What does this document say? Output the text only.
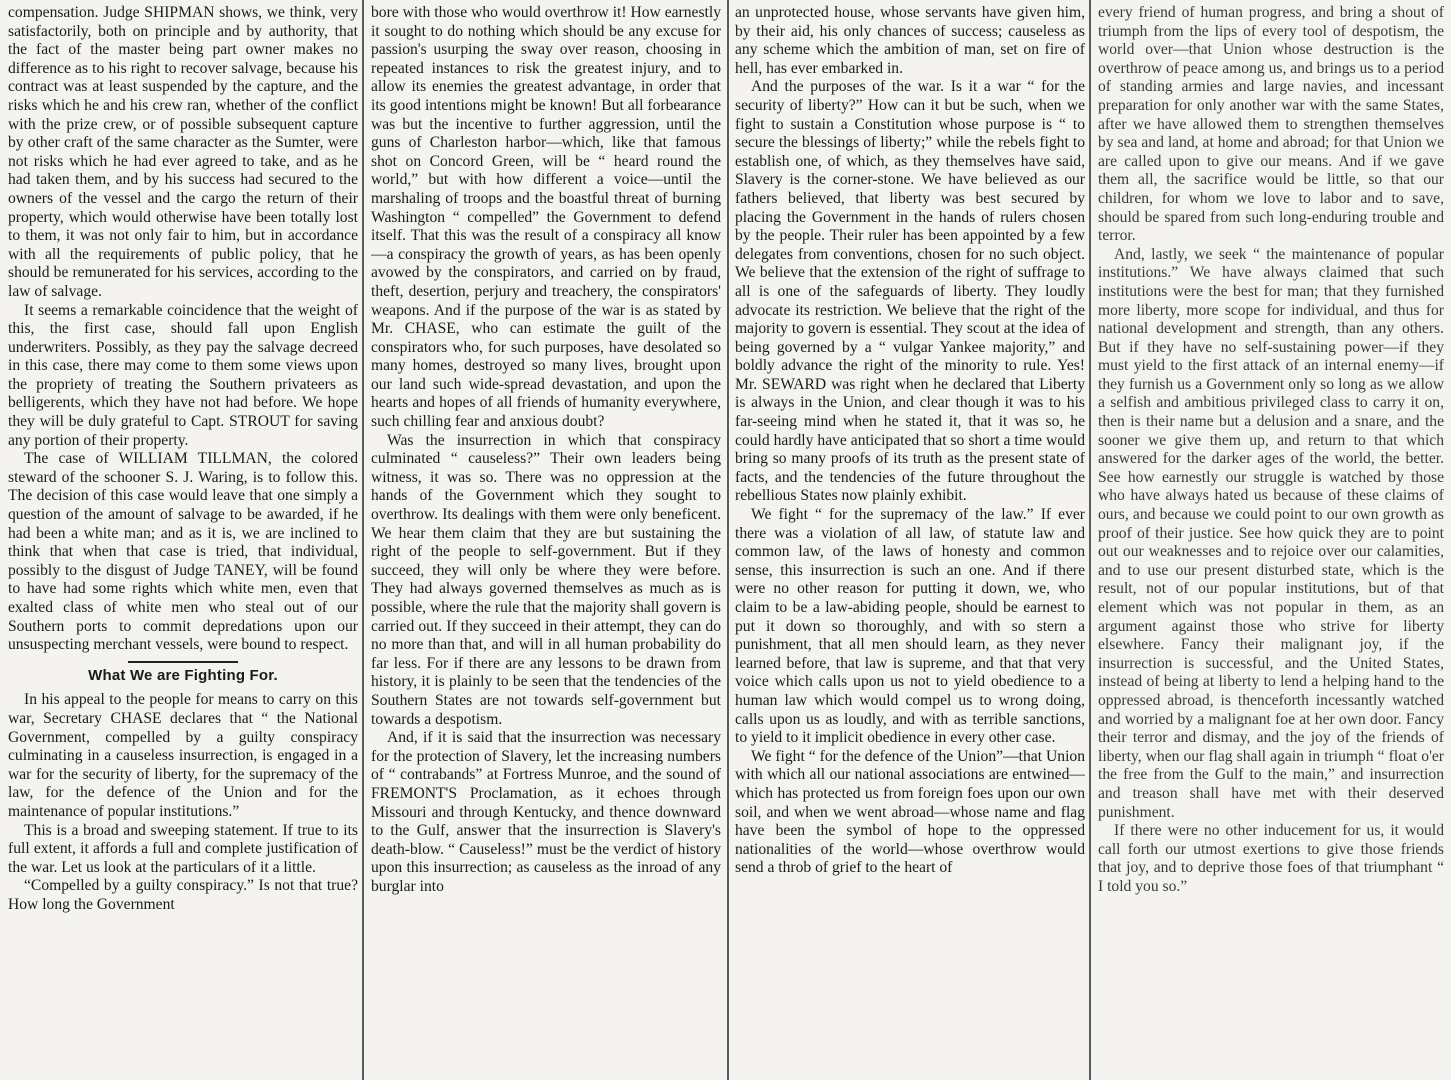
compensation. Judge SHIPMAN shows, we think, very satisfactorily, both on principle and by authority, that the fact of the master being part owner makes no difference as to his right to recover salvage, because his contract was at least suspended by the capture, and the risks which he and his crew ran, whether of the conflict with the prize crew, or of possible subsequent capture by other craft of the same character as the Sumter, were not risks which he had ever agreed to take, and as he had taken them, and by his success had secured to the owners of the vessel and the cargo the return of their property, which would otherwise have been totally lost to them, it was not only fair to him, but in accordance with all the requirements of public policy, that he should be remunerated for his services, according to the law of salvage.

It seems a remarkable coincidence that the weight of this, the first case, should fall upon English underwriters. Possibly, as they pay the salvage decreed in this case, there may come to them some views upon the propriety of treating the Southern privateers as belligerents, which they have not had before. We hope they will be duly grateful to Capt. STROUT for saving any portion of their property.

The case of WILLIAM TILLMAN, the colored steward of the schooner S. J. Waring, is to follow this. The decision of this case would leave that one simply a question of the amount of salvage to be awarded, if he had been a white man; and as it is, we are inclined to think that when that case is tried, that individual, possibly to the disgust of Judge TANEY, will be found to have had some rights which white men, even that exalted class of white men who steal out of our Southern ports to commit depredations upon our unsuspecting merchant vessels, were bound to respect.

What We are Fighting For.

In his appeal to the people for means to carry on this war, Secretary CHASE declares that “ the National Government, compelled by a guilty conspiracy culminating in a causeless insurrection, is engaged in a war for the security of liberty, for the supremacy of the law, for the defence of the Union and for the maintenance of popular institutions.”

This is a broad and sweeping statement. If true to its full extent, it affords a full and complete justification of the war. Let us look at the particulars of it a little.

“Compelled by a guilty conspiracy.” Is not that true? How long the Government

bore with those who would overthrow it! How earnestly it sought to do nothing which should be any excuse for passion's usurping the sway over reason, choosing in repeated instances to risk the greatest injury, and to allow its enemies the greatest advantage, in order that its good intentions might be known! But all forbearance was but the incentive to further aggression, until the guns of Charleston harbor—which, like that famous shot on Concord Green, will be “ heard round the world,” but with how different a voice—until the marshaling of troops and the boastful threat of burning Washington “ compelled” the Government to defend itself. That this was the result of a conspiracy all know—a conspiracy the growth of years, as has been openly avowed by the conspirators, and carried on by fraud, theft, desertion, perjury and treachery, the conspirators' weapons. And if the purpose of the war is as stated by Mr. CHASE, who can estimate the guilt of the conspirators who, for such purposes, have desolated so many homes, destroyed so many lives, brought upon our land such wide-spread devastation, and upon the hearts and hopes of all friends of humanity everywhere, such chilling fear and anxious doubt?

Was the insurrection in which that conspiracy culminated “ causeless?” Their own leaders being witness, it was so. There was no oppression at the hands of the Government which they sought to overthrow. Its dealings with them were only beneficent. We hear them claim that they are but sustaining the right of the people to self-government. But if they succeed, they will only be where they were before. They had always governed themselves as much as is possible, where the rule that the majority shall govern is carried out. If they succeed in their attempt, they can do no more than that, and will in all human probability do far less. For if there are any lessons to be drawn from history, it is plainly to be seen that the tendencies of the Southern States are not towards self-government but towards a despotism.

And, if it is said that the insurrection was necessary for the protection of Slavery, let the increasing numbers of “ contrabands” at Fortress Munroe, and the sound of FREMONT'S Proclamation, as it echoes through Missouri and through Kentucky, and thence downward to the Gulf, answer that the insurrection is Slavery's death-blow. “ Causeless!” must be the verdict of history upon this insurrection; as causeless as the inroad of any burglar into

an unprotected house, whose servants have given him, by their aid, his only chances of success; causeless as any scheme which the ambition of man, set on fire of hell, has ever embarked in.

And the purposes of the war. Is it a war “ for the security of liberty?” How can it but be such, when we fight to sustain a Constitution whose purpose is “ to secure the blessings of liberty;” while the rebels fight to establish one, of which, as they themselves have said, Slavery is the corner-stone. We have believed as our fathers believed, that liberty was best secured by placing the Government in the hands of rulers chosen by the people. Their ruler has been appointed by a few delegates from conventions, chosen for no such object. We believe that the extension of the right of suffrage to all is one of the safeguards of liberty. They loudly advocate its restriction. We believe that the right of the majority to govern is essential. They scout at the idea of being governed by a “ vulgar Yankee majority,” and boldly advance the right of the minority to rule. Yes! Mr. SEWARD was right when he declared that Liberty is always in the Union, and clear though it was to his far-seeing mind when he stated it, that it was so, he could hardly have anticipated that so short a time would bring so many proofs of its truth as the present state of facts, and the tendencies of the future throughout the rebellious States now plainly exhibit.

We fight “ for the supremacy of the law.” If ever there was a violation of all law, of statute law and common law, of the laws of honesty and common sense, this insurrection is such an one. And if there were no other reason for putting it down, we, who claim to be a law-abiding people, should be earnest to put it down so thoroughly, and with so stern a punishment, that all men should learn, as they never learned before, that law is supreme, and that that very voice which calls upon us not to yield obedience to a human law which would compel us to wrong doing, calls upon us as loudly, and with as terrible sanctions, to yield to it implicit obedience in every other case.

We fight “ for the defence of the Union”—that Union with which all our national associations are entwined—which has protected us from foreign foes upon our own soil, and when we went abroad—whose name and flag have been the symbol of hope to the oppressed nationalities of the world—whose overthrow would send a throb of grief to the heart of

every friend of human progress, and bring a shout of triumph from the lips of every tool of despotism, the world over—that Union whose destruction is the overthrow of peace among us, and brings us to a period of standing armies and large navies, and incessant preparation for only another war with the same States, after we have allowed them to strengthen themselves by sea and land, at home and abroad; for that Union we are called upon to give our means. And if we gave them all, the sacrifice would be little, so that our children, for whom we love to labor and to save, should be spared from such long-enduring trouble and terror.

And, lastly, we seek “ the maintenance of popular institutions.” We have always claimed that such institutions were the best for man; that they furnished more liberty, more scope for individual, and thus for national development and strength, than any others. But if they have no self-sustaining power—if they must yield to the first attack of an internal enemy—if they furnish us a Government only so long as we allow a selfish and ambitious privileged class to carry it on, then is their name but a delusion and a snare, and the sooner we give them up, and return to that which answered for the darker ages of the world, the better. See how earnestly our struggle is watched by those who have always hated us because of these claims of ours, and because we could point to our own growth as proof of their justice. See how quick they are to point out our weaknesses and to rejoice over our calamities, and to use our present disturbed state, which is the result, not of our popular institutions, but of that element which was not popular in them, as an argument against those who strive for liberty elsewhere. Fancy their malignant joy, if the insurrection is successful, and the United States, instead of being at liberty to lend a helping hand to the oppressed abroad, is thenceforth incessantly watched and worried by a malignant foe at her own door. Fancy their terror and dismay, and the joy of the friends of liberty, when our flag shall again in triumph “ float o'er the free from the Gulf to the main,” and insurrection and treason shall have met with their deserved punishment.

If there were no other inducement for us, it would call forth our utmost exertions to give those friends that joy, and to deprive those foes of that triumphant “ I told you so.”
